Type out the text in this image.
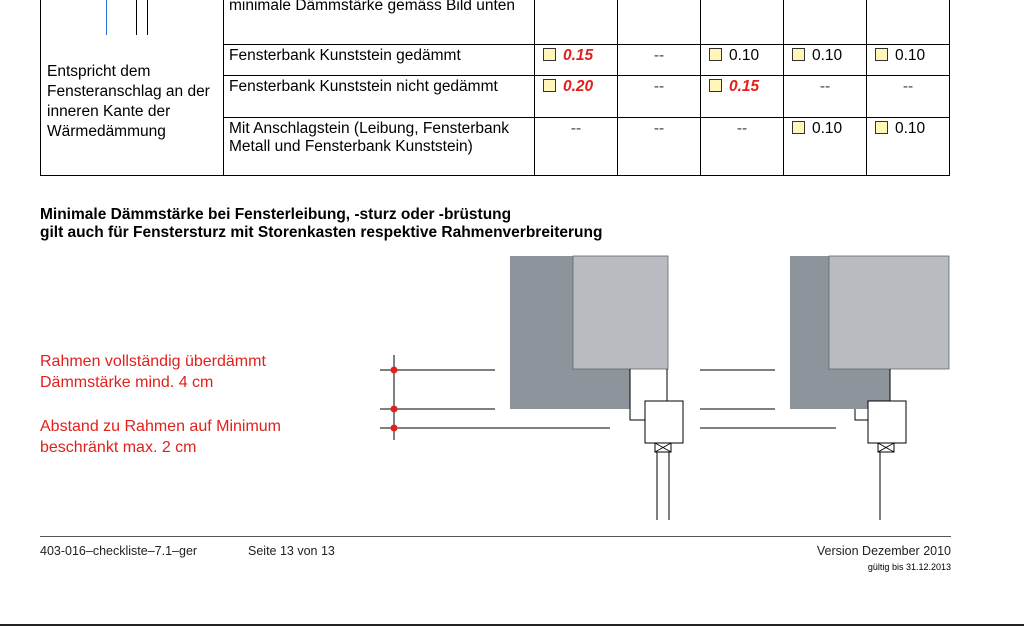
Entspricht dem Fensteranschlag an der inneren Kante der Wärmedämmung	minimale Dämmstärke gemäss Bild unten					
	Fensterbank Kunststein gedämmt	0.15	--	0.10	0.10	0.10
	Fensterbank Kunststein nicht gedämmt	0.20	--	0.15	--	--
	Mit Anschlagstein (Leibung, Fensterbank Metall und Fensterbank Kunststein)	--	--	--	0.10	0.10
Minimale Dämmstärke bei Fensterleibung, -sturz oder -brüstung
gilt auch für Fenstersturz mit Storenkasten respektive Rahmenverbreiterung
Rahmen vollständig überdämmt
Dämmstärke mind. 4 cm
Abstand zu Rahmen auf Minimum
beschränkt max. 2 cm
403-016–checkliste–7.1–ger	Seite 13 von 13	Version Dezember 2010
gültig bis 31.12.2013
